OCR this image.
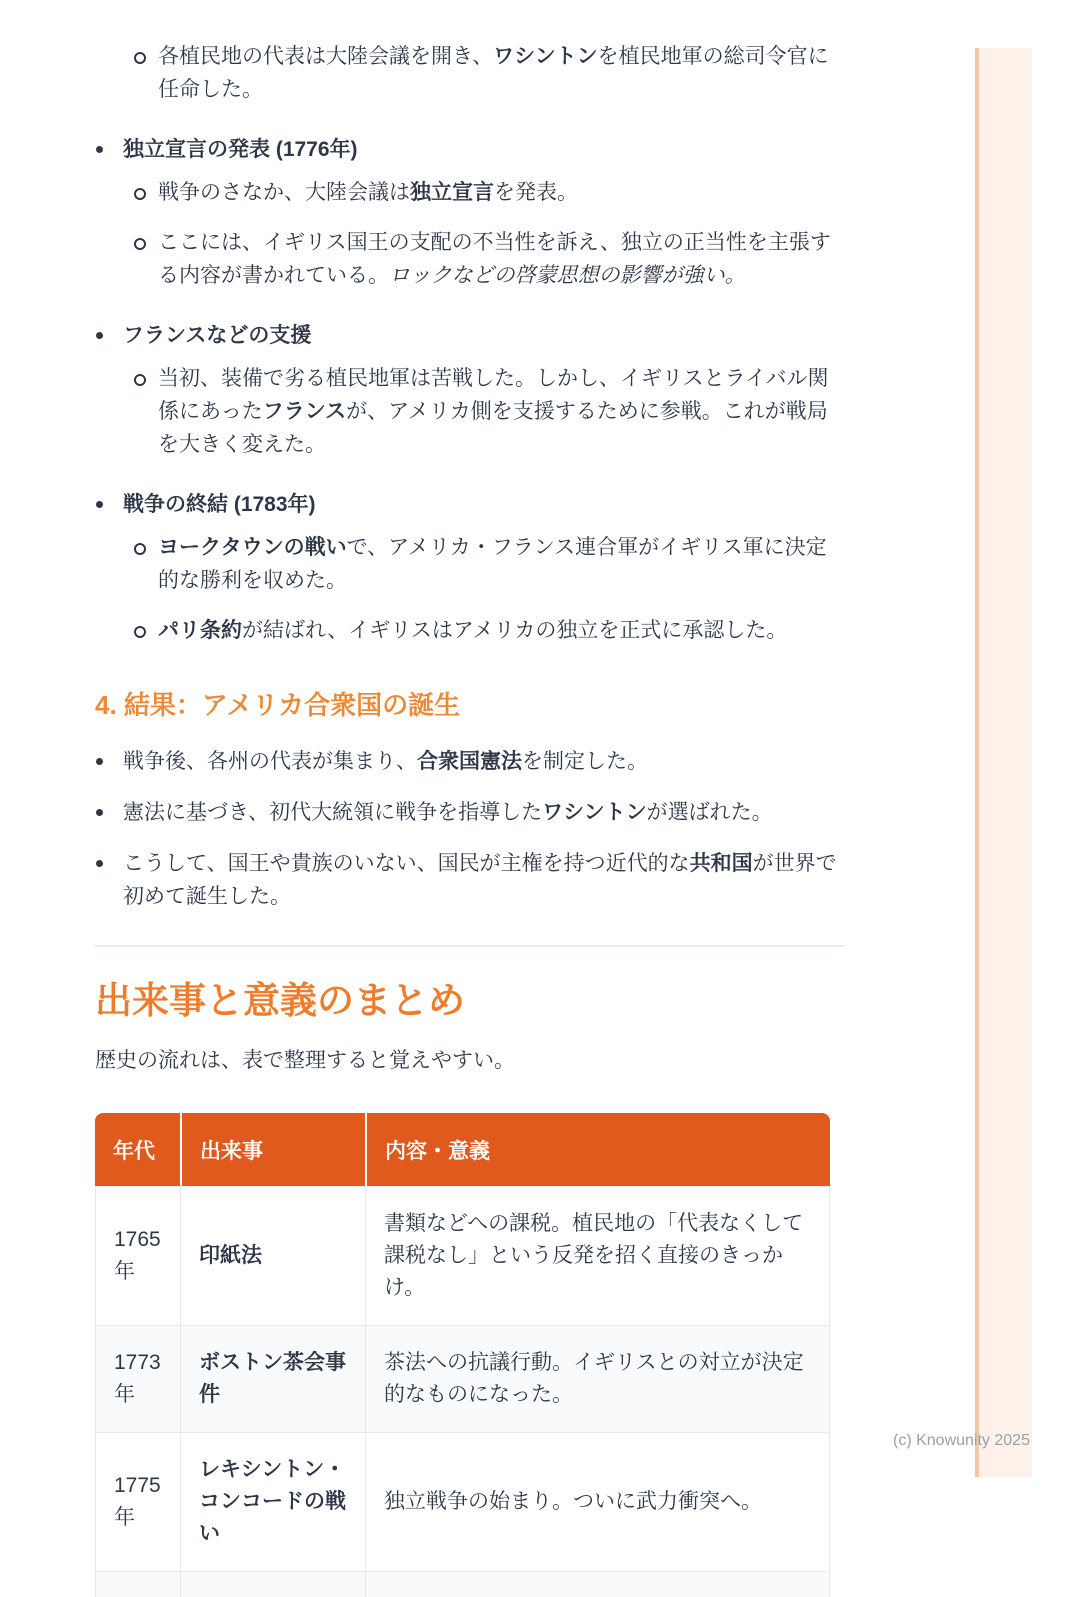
各植民地の代表は大陸会議を開き、ワシントンを植民地軍の総司令官に任命した。
独立宣言の発表 (1776年)
戦争のさなか、大陸会議は独立宣言を発表。
ここには、イギリス国王の支配の不当性を訴え、独立の正当性を主張する内容が書かれている。ロックなどの啓蒙思想の影響が強い。
フランスなどの支援
当初、装備で劣る植民地軍は苦戦した。しかし、イギリスとライバル関係にあったフランスが、アメリカ側を支援するために参戦。これが戦局を大きく変えた。
戦争の終結 (1783年)
ヨークタウンの戦いで、アメリカ・フランス連合軍がイギリス軍に決定的な勝利を収めた。
パリ条約が結ばれ、イギリスはアメリカの独立を正式に承認した。
4. 結果：アメリカ合衆国の誕生
戦争後、各州の代表が集まり、合衆国憲法を制定した。
憲法に基づき、初代大統領に戦争を指導したワシントンが選ばれた。
こうして、国王や貴族のいない、国民が主権を持つ近代的な共和国が世界で初めて誕生した。
出来事と意義のまとめ

歴史の流れは、表で整理すると覚えやすい。

年代	出来事	内容・意義
1765年	印紙法	書類などへの課税。植民地の「代表なくして課税なし」という反発を招く直接のきっかけ。
1773年	ボストン茶会事件	茶法への抗議行動。イギリスとの対立が決定的なものになった。
1775年	レキシントン・コンコードの戦い	独立戦争の始まり。ついに武力衝突へ。

(c) Knowunity 2025
